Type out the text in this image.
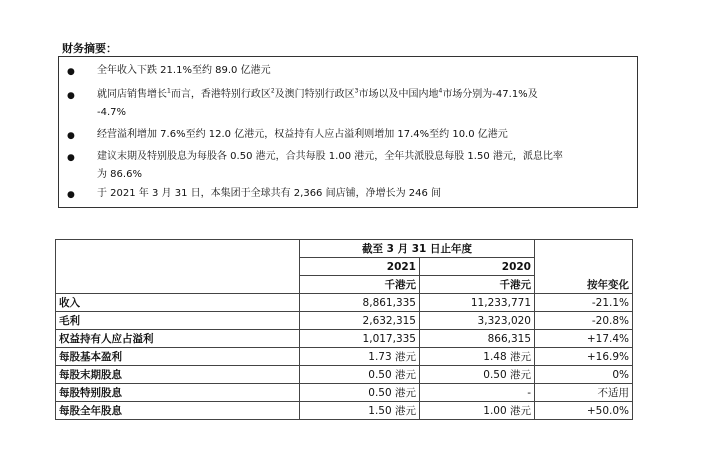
财务摘要：
● 全年收入下跌 21.1%至约 89.0 亿港元
● 就同店销售增长$^1$而言，香港特别行政区$^2$及澳门特别行政区$^3$市场以及中国内地$^4$市场分别为-47.1%及
-4.7%
● 经营溢利增加 7.6%至约 12.0 亿港元，权益持有人应占溢利则增加 17.4%至约 10.0 亿港元
● 建议末期及特别股息为每股各 0.50 港元，合共每股 1.00 港元，全年共派股息每股 1.50 港元，派息比率
为 86.6%
● 于 2021 年 3 月 31 日，本集团于全球共有 2,366 间店铺，净增长为 246 间
	截至 3 月 31 日止年度		
	2021	2020	
	千港元	千港元	按年变化
收入	8,861,335	11,233,771	-21.1%
毛利	2,632,315	3,323,020	-20.8%
权益持有人应占溢利	1,017,335	866,315	+17.4%
每股基本盈利	1.73 港元	1.48 港元	+16.9%
每股末期股息	0.50 港元	0.50 港元	0%
每股特别股息	0.50 港元	-	不适用
每股全年股息	1.50 港元	1.00 港元	+50.0%
